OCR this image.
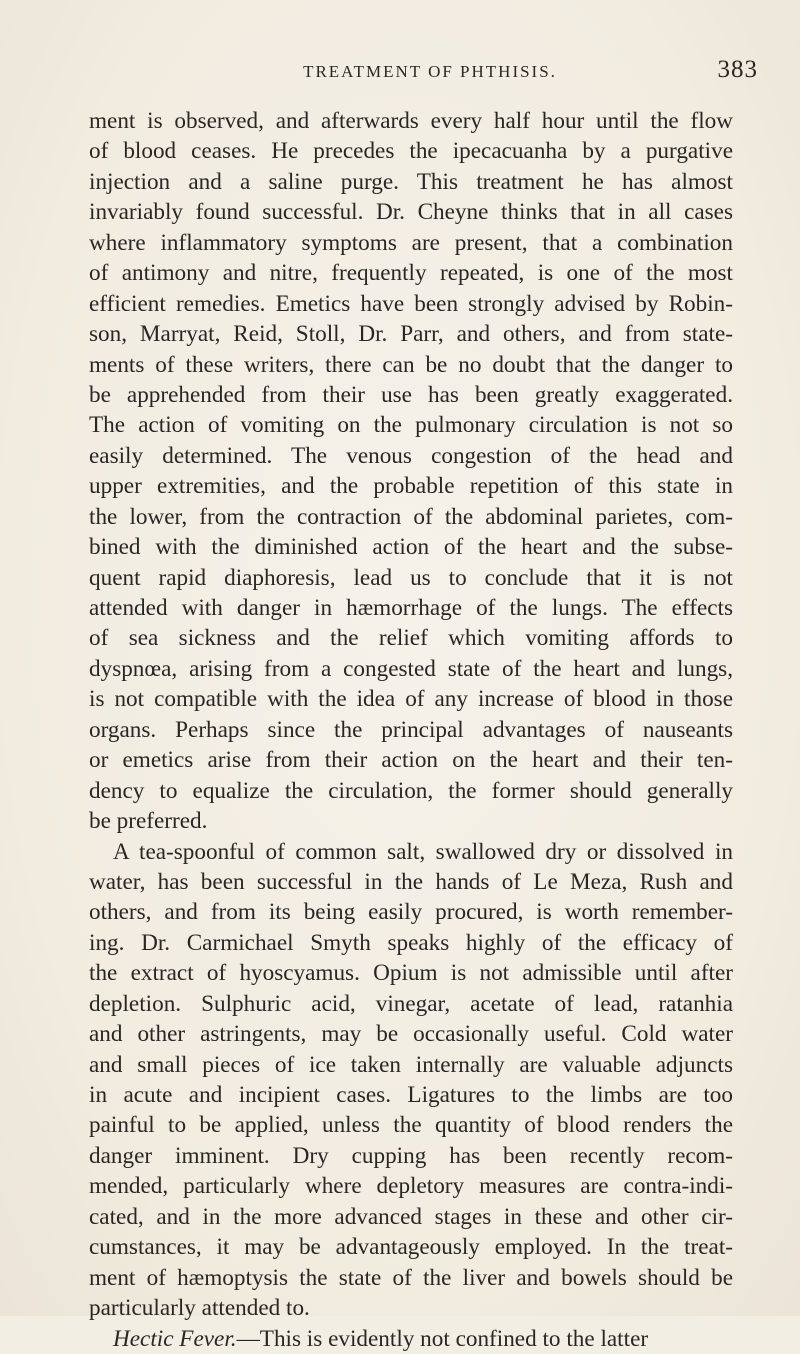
TREATMENT OF PHTHISIS.	383
ment is observed, and afterwards every half hour until the flow
of blood ceases. He precedes the ipecacuanha by a purgative
injection and a saline purge. This treatment he has almost
invariably found successful. Dr. Cheyne thinks that in all cases
where inflammatory symptoms are present, that a combination
of antimony and nitre, frequently repeated, is one of the most
efficient remedies. Emetics have been strongly advised by Robin-
son, Marryat, Reid, Stoll, Dr. Parr, and others, and from state-
ments of these writers, there can be no doubt that the danger to
be apprehended from their use has been greatly exaggerated.
The action of vomiting on the pulmonary circulation is not so
easily determined. The venous congestion of the head and
upper extremities, and the probable repetition of this state in
the lower, from the contraction of the abdominal parietes, com-
bined with the diminished action of the heart and the subse-
quent rapid diaphoresis, lead us to conclude that it is not
attended with danger in hæmorrhage of the lungs. The effects
of sea sickness and the relief which vomiting affords to
dyspnœa, arising from a congested state of the heart and lungs,
is not compatible with the idea of any increase of blood in those
organs. Perhaps since the principal advantages of nauseants
or emetics arise from their action on the heart and their ten-
dency to equalize the circulation, the former should generally
be preferred.
A tea-spoonful of common salt, swallowed dry or dissolved in
water, has been successful in the hands of Le Meza, Rush and
others, and from its being easily procured, is worth remember-
ing. Dr. Carmichael Smyth speaks highly of the efficacy of
the extract of hyoscyamus. Opium is not admissible until after
depletion. Sulphuric acid, vinegar, acetate of lead, ratanhia
and other astringents, may be occasionally useful. Cold water
and small pieces of ice taken internally are valuable adjuncts
in acute and incipient cases. Ligatures to the limbs are too
painful to be applied, unless the quantity of blood renders the
danger imminent. Dry cupping has been recently recom-
mended, particularly where depletory measures are contra-indi-
cated, and in the more advanced stages in these and other cir-
cumstances, it may be advantageously employed. In the treat-
ment of hæmoptysis the state of the liver and bowels should be
particularly attended to.
Hectic Fever.—This is evidently not confined to the latter
